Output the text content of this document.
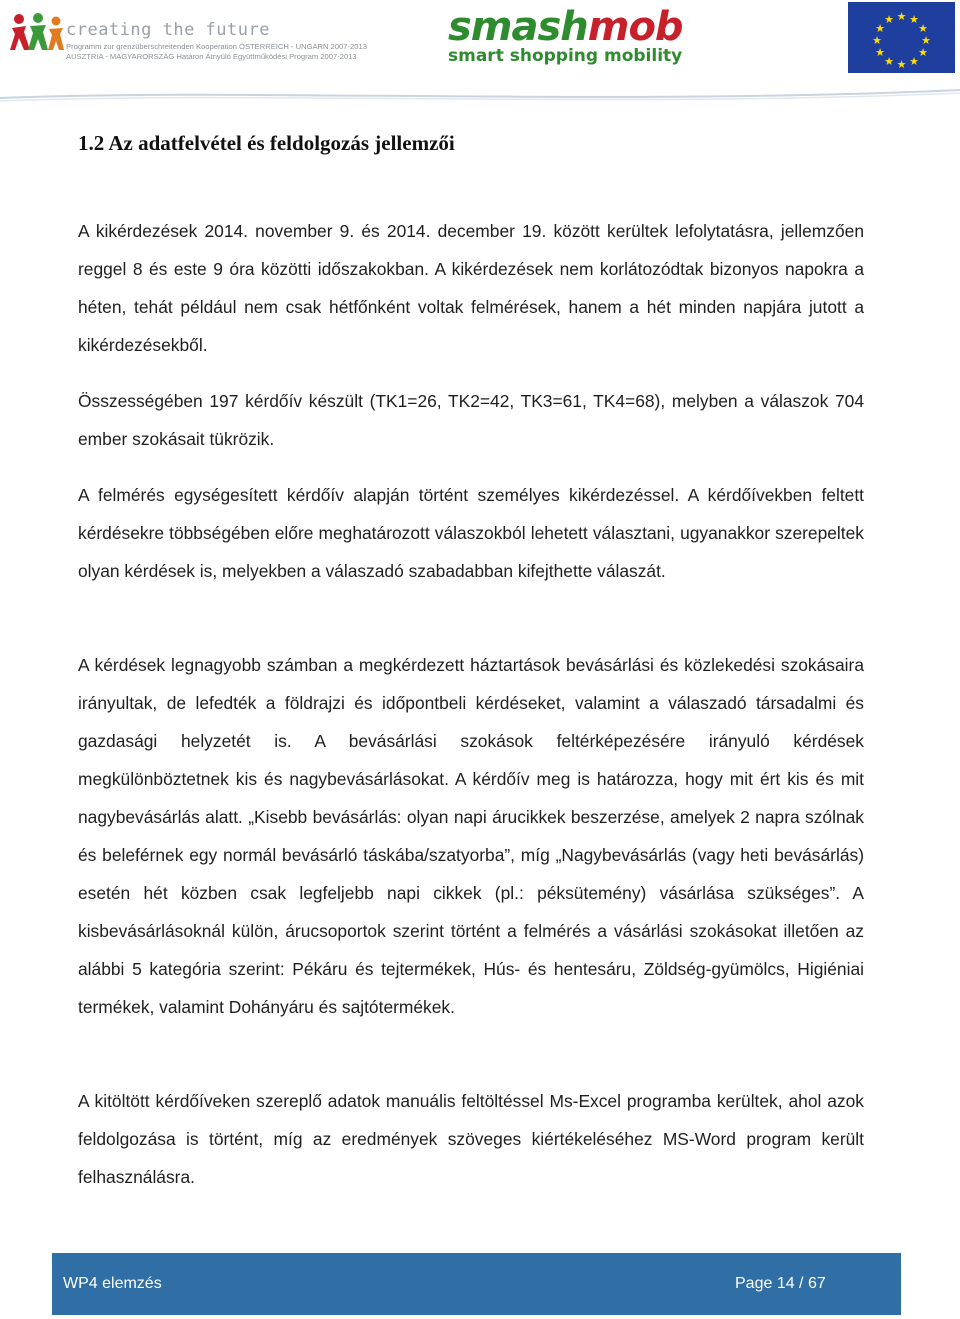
creating the future
Programm zur grenzüberschreitenden Kooperation ÖSTERREICH - UNGARN 2007-2013
AUSZTRIA - MAGYARORSZÁG Határon Átnyúló Együttműködési Program 2007-2013
smashmob
smart shopping mobility
★ ★
★
★
★
★
★
★
★
★
★
★
1.2 Az adatfelvétel és feldolgozás jellemzői

A kikérdezések 2014. november 9. és 2014. december 19. között kerültek lefolytatásra, jellemzően reggel 8 és este 9 óra közötti időszakokban. A kikérdezések nem korlátozódtak bizonyos napokra a héten, tehát például nem csak hétfőnként voltak felmérések, hanem a hét minden napjára jutott a kikérdezésekből.

Összességében 197 kérdőív készült (TK1=26, TK2=42, TK3=61, TK4=68), melyben a válaszok 704 ember szokásait tükrözik.

A felmérés egységesített kérdőív alapján történt személyes kikérdezéssel. A kérdőívekben feltett kérdésekre többségében előre meghatározott válaszokból lehetett választani, ugyanakkor szerepeltek olyan kérdések is, melyekben a válaszadó szabadabban kifejthette válaszát.

A kérdések legnagyobb számban a megkérdezett háztartások bevásárlási és közlekedési szokásaira irányultak, de lefedték a földrajzi és időpontbeli kérdéseket, valamint a válaszadó társadalmi és gazdasági helyzetét is. A bevásárlási szokások feltérképezésére irányuló kérdések megkülönböztetnek kis és nagybevásárlásokat. A kérdőív meg is határozza, hogy mit ért kis és mit nagybevásárlás alatt. „Kisebb bevásárlás: olyan napi árucikkek beszerzése, amelyek 2 napra szólnak és beleférnek egy normál bevásárló táskába/szatyorba”, míg „Nagybevásárlás (vagy heti bevásárlás) esetén hét közben csak legfeljebb napi cikkek (pl.: péksütemény) vásárlása szükséges”. A kisbevásárlásoknál külön, árucsoportok szerint történt a felmérés a vásárlási szokásokat illetően az alábbi 5 kategória szerint: Pékáru és tejtermékek, Hús- és hentesáru, Zöldség-gyümölcs, Higiéniai termékek, valamint Dohányáru és sajtótermékek.

A kitöltött kérdőíveken szereplő adatok manuális feltöltéssel Ms-Excel programba kerültek, ahol azok feldolgozása is történt, míg az eredmények szöveges kiértékeléséhez MS-Word program került felhasználásra.

WP4 elemzés	Page 14 / 67
